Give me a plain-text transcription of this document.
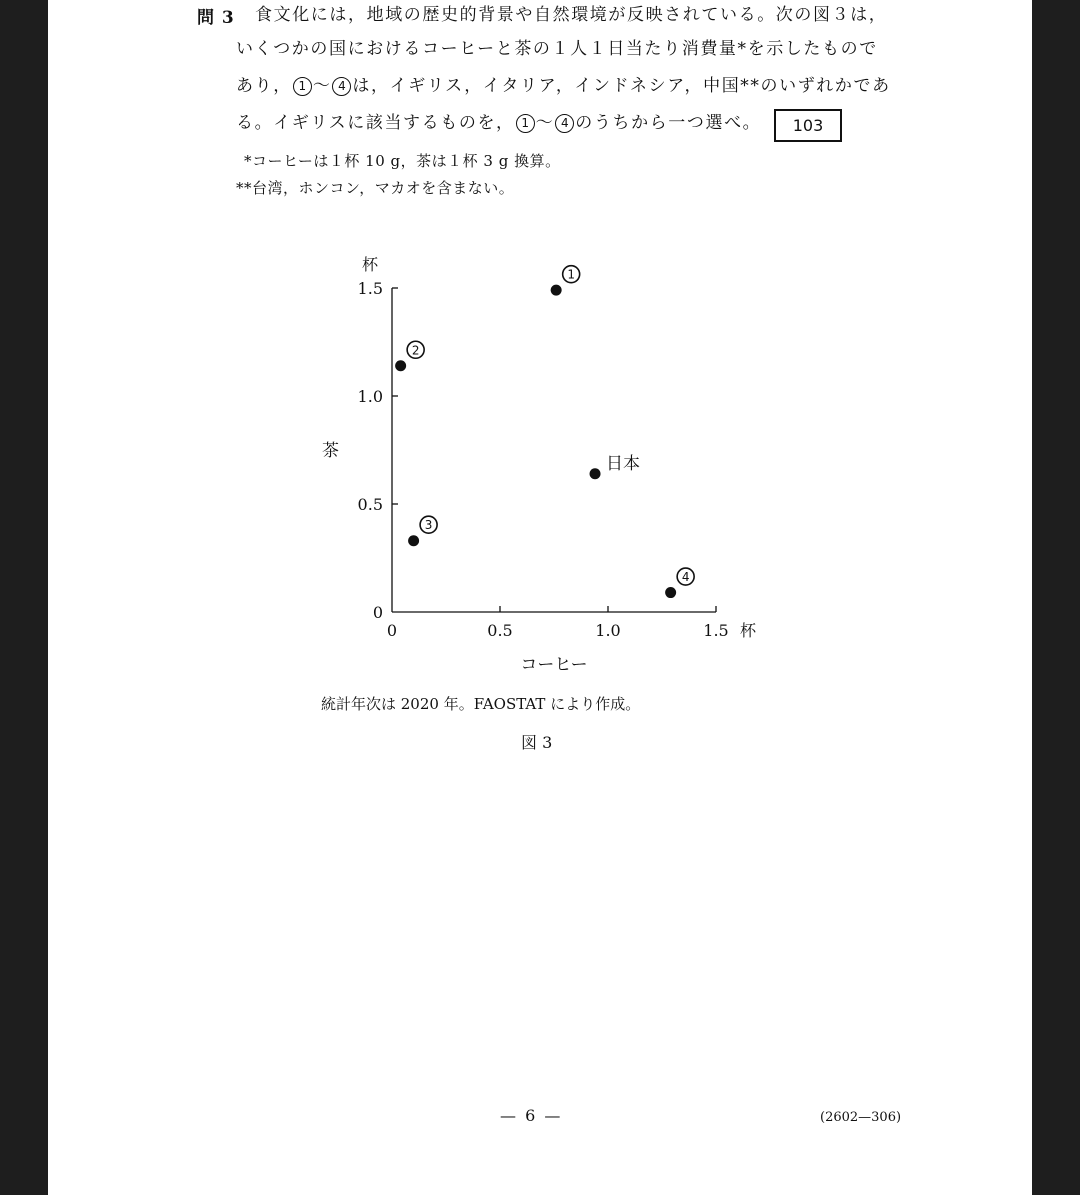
問 3 食文化には，地域の歴史的背景や自然環境が反映されている。次の図３は，
いくつかの国におけるコーヒーと茶の１人１日当たり消費量*を示したもので
あり， 1 〜 4 は，イギリス，イタリア，インドネシア，中国**のいずれかであ
る。イギリスに該当するものを， 1 〜 4 のうちから一つ選べ。	103
*コーヒーは１杯 10 g，茶は１杯 3 g 換算。
**台湾，ホンコン，マカオを含まない。
0
0
0.5
0.5
1.0
1.0
1.5
1.5
杯
杯
コーヒー
茶
1
2
3
4
日本
統計年次は 2020 年。FAOSTAT により作成。
図 3
— 6 —	(2602—306)
